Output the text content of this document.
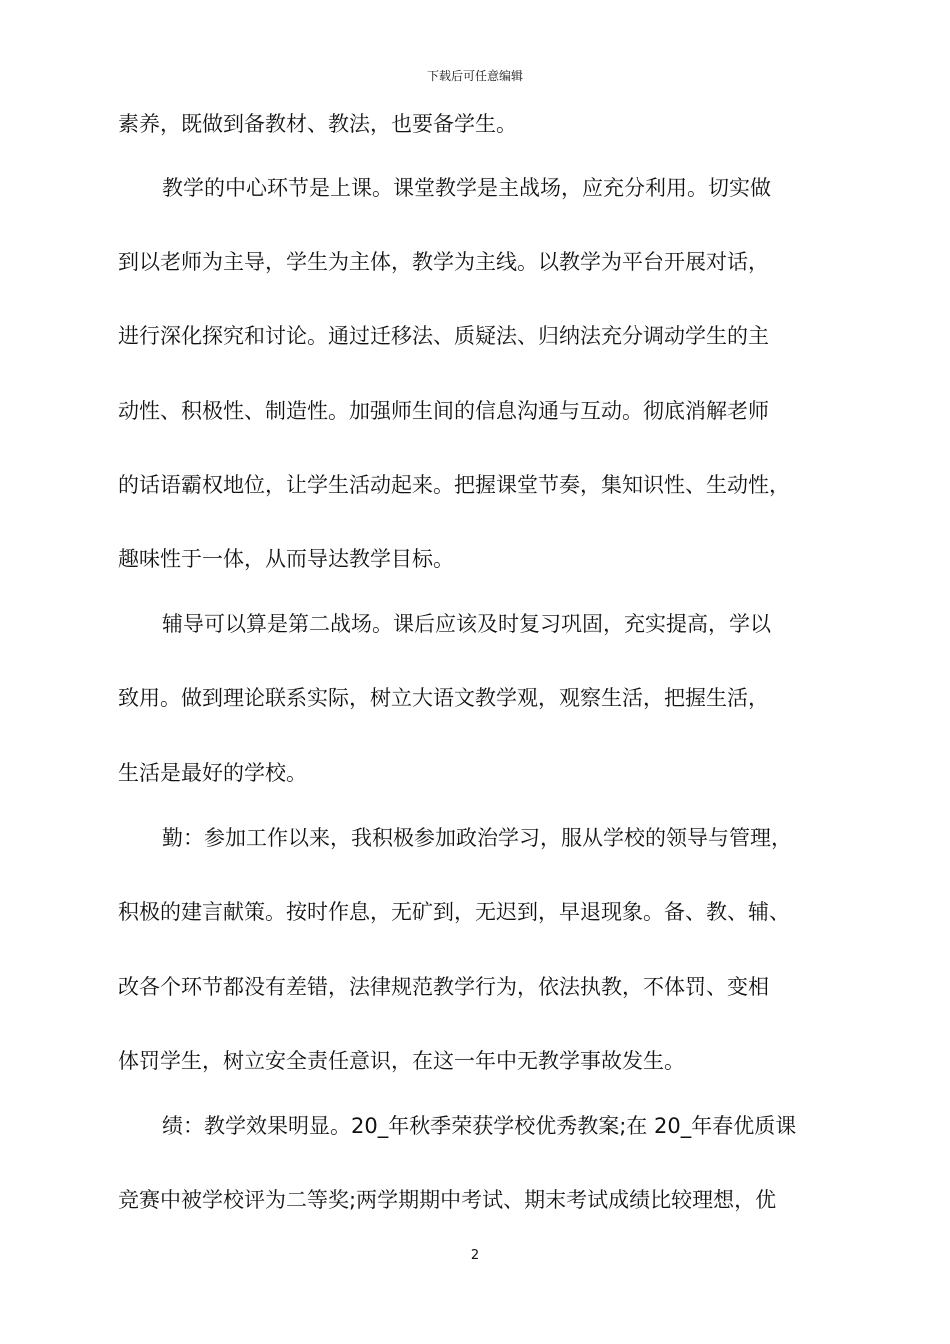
下载后可任意编辑
素养，既做到备教材、教法，也要备学生。
教学的中心环节是上课。课堂教学是主战场，应充分利用。切实做
到以老师为主导，学生为主体，教学为主线。以教学为平台开展对话，
进行深化探究和讨论。通过迁移法、质疑法、归纳法充分调动学生的主
动性、积极性、制造性。加强师生间的信息沟通与互动。彻底消解老师
的话语霸权地位，让学生活动起来。把握课堂节奏，集知识性、生动性，
趣味性于一体，从而导达教学目标。
辅导可以算是第二战场。课后应该及时复习巩固，充实提高，学以
致用。做到理论联系实际，树立大语文教学观，观察生活，把握生活，
生活是最好的学校。
勤：参加工作以来，我积极参加政治学习，服从学校的领导与管理，
积极的建言献策。按时作息，无矿到，无迟到，早退现象。备、教、辅、
改各个环节都没有差错，法律规范教学行为，依法执教，不体罚、变相
体罚学生，树立安全责任意识，在这一年中无教学事故发生。
绩：教学效果明显。20_年秋季荣获学校优秀教案;在 20_年春优质课
竞赛中被学校评为二等奖;两学期期中考试、期末考试成绩比较理想，优
2
